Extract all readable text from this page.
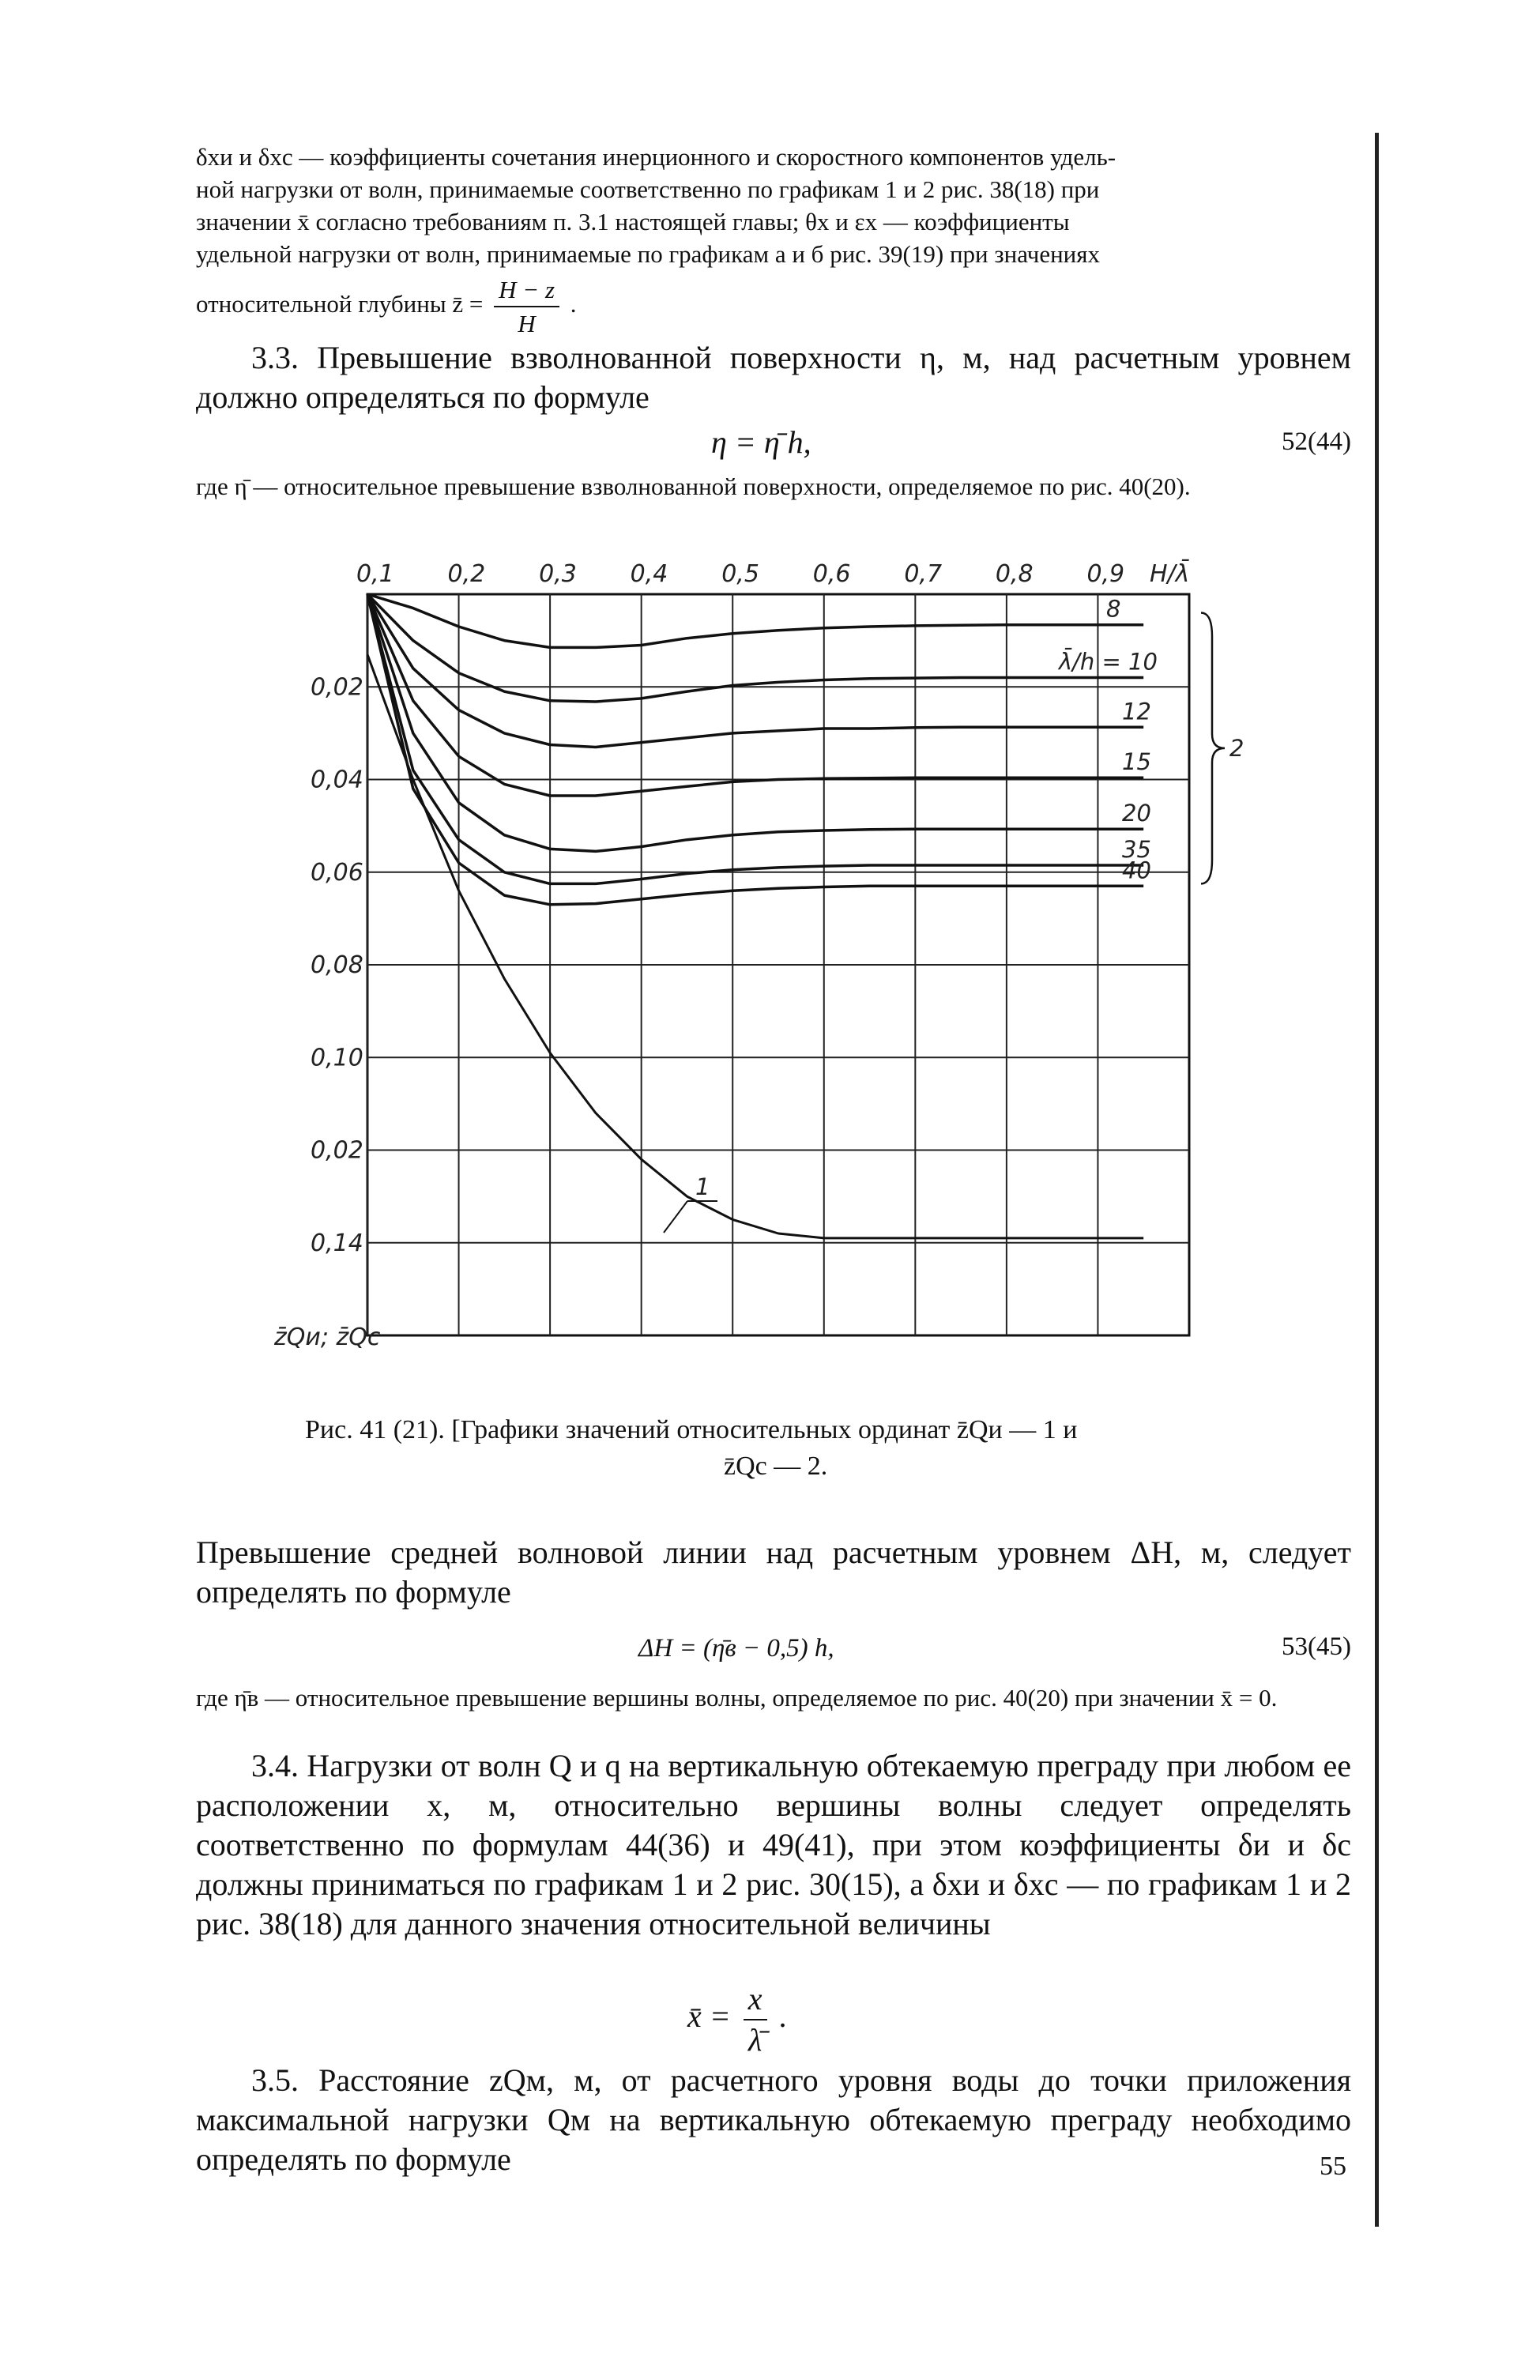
δxи и δxс — коэффициенты сочетания инерционного и скоростного компонентов удель-
ной нагрузки от волн, принимаемые соответственно по графикам 1 и 2 рис. 38(18) при
значении x̄ согласно требованиям п. 3.1 настоящей главы; θx и εx — коэффициенты
удельной нагрузки от волн, принимаемые по графикам а и б рис. 39(19) при значениях
относительной глубины z̄ = $\frac{H - z}{H}$ .
3.3. Превышение взволнованной поверхности η, м, над расчетным уровнем должно определяться по формуле
η = η̄ h,	52(44)
где η̄ — относительное превышение взволнованной поверхности, определяемое по рис. 40(20).
0,1 0,2 0,3 0,4 0,5 0,6 0,7 0,8 0,9 H/λ̄
0,02
0,04
0,06
0,08
0,10
0,02
0,14
z̄Qи; z̄Qс
8
λ̄/h = 10
12
15
20
35
40
1
2
Рис. 41 (21). [Графики значений относительных ординат z̄Qи — 1 и
z̄Qс — 2.
Превышение средней волновой линии над расчетным уровнем ΔH, м, следует определять по формуле
ΔH = (η̄в − 0,5) h,	53(45)
где η̄в — относительное превышение вершины волны, определяемое по рис. 40(20) при значении x̄ = 0.
3.4. Нагрузки от волн Q и q на вертикальную обтекаемую преграду при любом ее расположении x, м, относительно вершины волны следует определять соответственно по формулам 44(36) и 49(41), при этом коэффициенты δи и δс должны приниматься по графикам 1 и 2 рис. 30(15), а δxи и δxс — по графикам 1 и 2 рис. 38(18) для данного значения относительной величины
x̄ = $\frac{x}{\lambdā}$ .
3.5. Расстояние zQм, м, от расчетного уровня воды до точки приложения максимальной нагрузки Qм на вертикальную обтекаемую преграду необходимо определять по формуле	55
